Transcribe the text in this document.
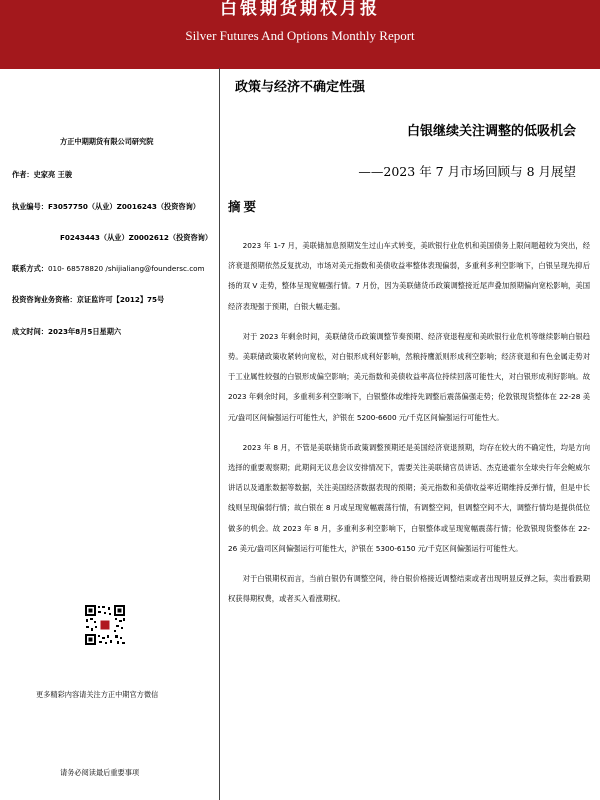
白银期货期权月报
Silver Futures And Options Monthly Report
政策与经济不确定性强
白银继续关注调整的低吸机会
——2023 年 7 月市场回顾与 8 月展望
方正中期期货有限公司研究院
作者：史家亮 王骏
执业编号：F3057750（从业）Z0016243（投资咨询）
F0243443（从业）Z0002612（投资咨询）
联系方式：010- 68578820 /shijialiang@foundersc.com
投资咨询业务资格：京证监许可【2012】75号
成文时间：2023年8月5日星期六
更多精彩内容请关注方正中期官方微信
请务必阅读最后重要事项
摘要

2023 年 1-7 月，美联储加息预期发生过山车式转变，美欧银行业危机和美国债务上限问题超较为突出，经济衰退预期依然反复扰动，市场对美元指数和美债收益率整体表现偏弱，多重利多利空影响下，白银呈现先抑后扬的双 V 走势，整体呈现宽幅强行情。7 月份，因为美联储货币政策调整接近尾声叠加预期偏向宽松影响，美国经济表现强于预期，白银大幅走强。

对于 2023 年剩余时间，美联储货币政策调整节奏预期、经济衰退程度和美欧银行业危机等继续影响白银趋势。美联储政策收紧转向宽松，对白银形成利好影响，然粮持鹰派则形成利空影响；经济衰退和有色金属走势对于工业属性较强的白银形成偏空影响；美元指数和美债收益率高位持续回落可能性大，对白银形成利好影响。故 2023 年剩余时间，多重利多利空影响下，白银整体或维持先调整后震荡偏强走势；伦敦银现货整体在 22-28 美元/盎司区间偏强运行可能性大，沪银在 5200-6600 元/千克区间偏强运行可能性大。

2023 年 8 月，不管是美联储货币政策调整预期还是美国经济衰退预期，均存在较大的不确定性，均是方向选择的重要观察期；此期间无议息会议安排情况下，需要关注美联储官员讲话、杰克逊霍尔全球央行年会鲍威尔讲话以及通胀数据等数据，关注美国经济数据表现的预期；美元指数和美债收益率近期维持反弹行情，但是中长线则呈现偏弱行情；故白银在 8 月或呈现宽幅震荡行情，有调整空间，但调整空间不大，调整行情均是提供低位做多的机会。故 2023 年 8 月，多重利多利空影响下，白银整体或呈现宽幅震荡行情；伦敦银现货整体在 22-26 美元/盎司区间偏强运行可能性大，沪银在 5300-6150 元/千克区间偏强运行可能性大。

对于白银期权而言，当前白银仍有调整空间，待白银价格接近调整结束或者出现明显反弹之际，卖出看跌期权获得期权费，或者买入看涨期权。
